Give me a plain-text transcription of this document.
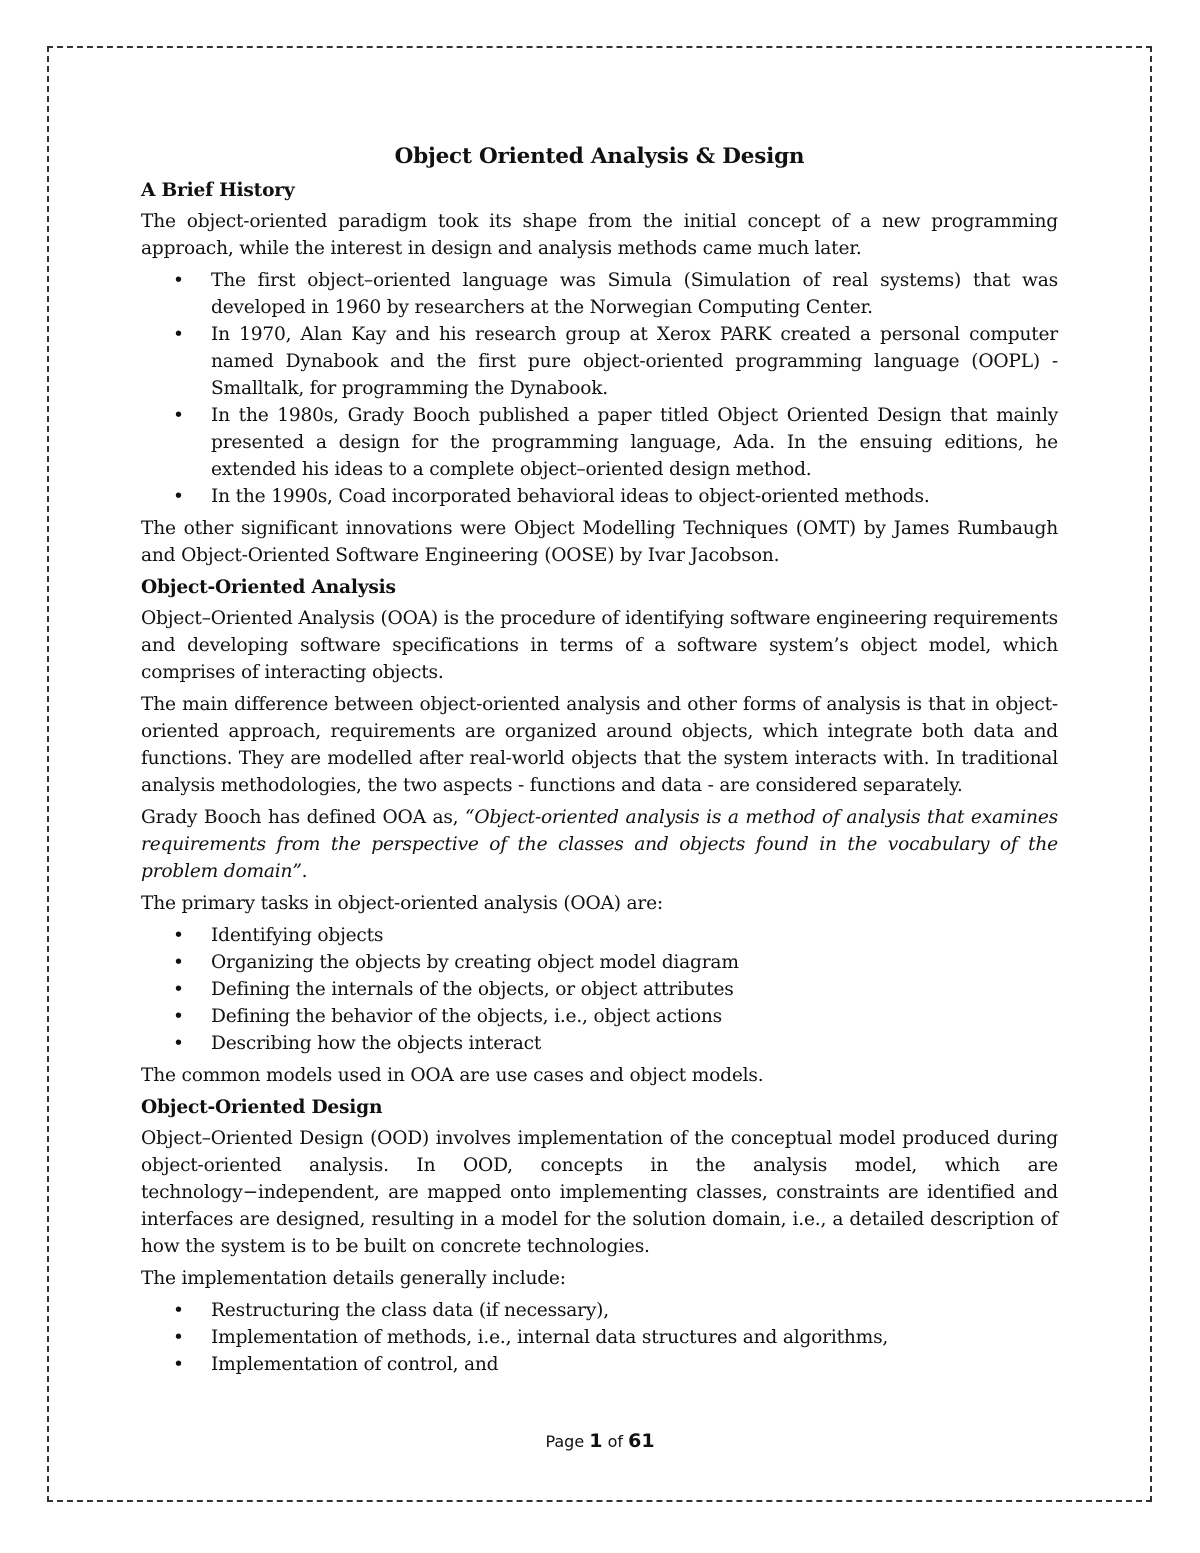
Object Oriented Analysis & Design
A Brief History

The object-oriented paradigm took its shape from the initial concept of a new programming approach, while the interest in design and analysis methods came much later.

• The first object–oriented language was Simula (Simulation of real systems) that was developed in 1960 by researchers at the Norwegian Computing Center.
• In 1970, Alan Kay and his research group at Xerox PARK created a personal computer named Dynabook and the first pure object-oriented programming language (OOPL) - Smalltalk, for programming the Dynabook.
• In the 1980s, Grady Booch published a paper titled Object Oriented Design that mainly presented a design for the programming language, Ada. In the ensuing editions, he extended his ideas to a complete object–oriented design method.
• In the 1990s, Coad incorporated behavioral ideas to object-oriented methods.

The other significant innovations were Object Modelling Techniques (OMT) by James Rumbaugh and Object-Oriented Software Engineering (OOSE) by Ivar Jacobson.

Object-Oriented Analysis

Object–Oriented Analysis (OOA) is the procedure of identifying software engineering requirements and developing software specifications in terms of a software system’s object model, which comprises of interacting objects.

The main difference between object-oriented analysis and other forms of analysis is that in object-oriented approach, requirements are organized around objects, which integrate both data and functions. They are modelled after real-world objects that the system interacts with. In traditional analysis methodologies, the two aspects - functions and data - are considered separately.

Grady Booch has defined OOA as, “Object-oriented analysis is a method of analysis that examines requirements from the perspective of the classes and objects found in the vocabulary of the problem domain”.

The primary tasks in object-oriented analysis (OOA) are:

• Identifying objects
• Organizing the objects by creating object model diagram
• Defining the internals of the objects, or object attributes
• Defining the behavior of the objects, i.e., object actions
• Describing how the objects interact

The common models used in OOA are use cases and object models.

Object-Oriented Design

Object–Oriented Design (OOD) involves implementation of the conceptual model produced during object-oriented analysis. In OOD, concepts in the analysis model, which are technology−independent, are mapped onto implementing classes, constraints are identified and interfaces are designed, resulting in a model for the solution domain, i.e., a detailed description of how the system is to be built on concrete technologies.

The implementation details generally include:

• Restructuring the class data (if necessary),
• Implementation of methods, i.e., internal data structures and algorithms,
• Implementation of control, and
Page 1 of 61
